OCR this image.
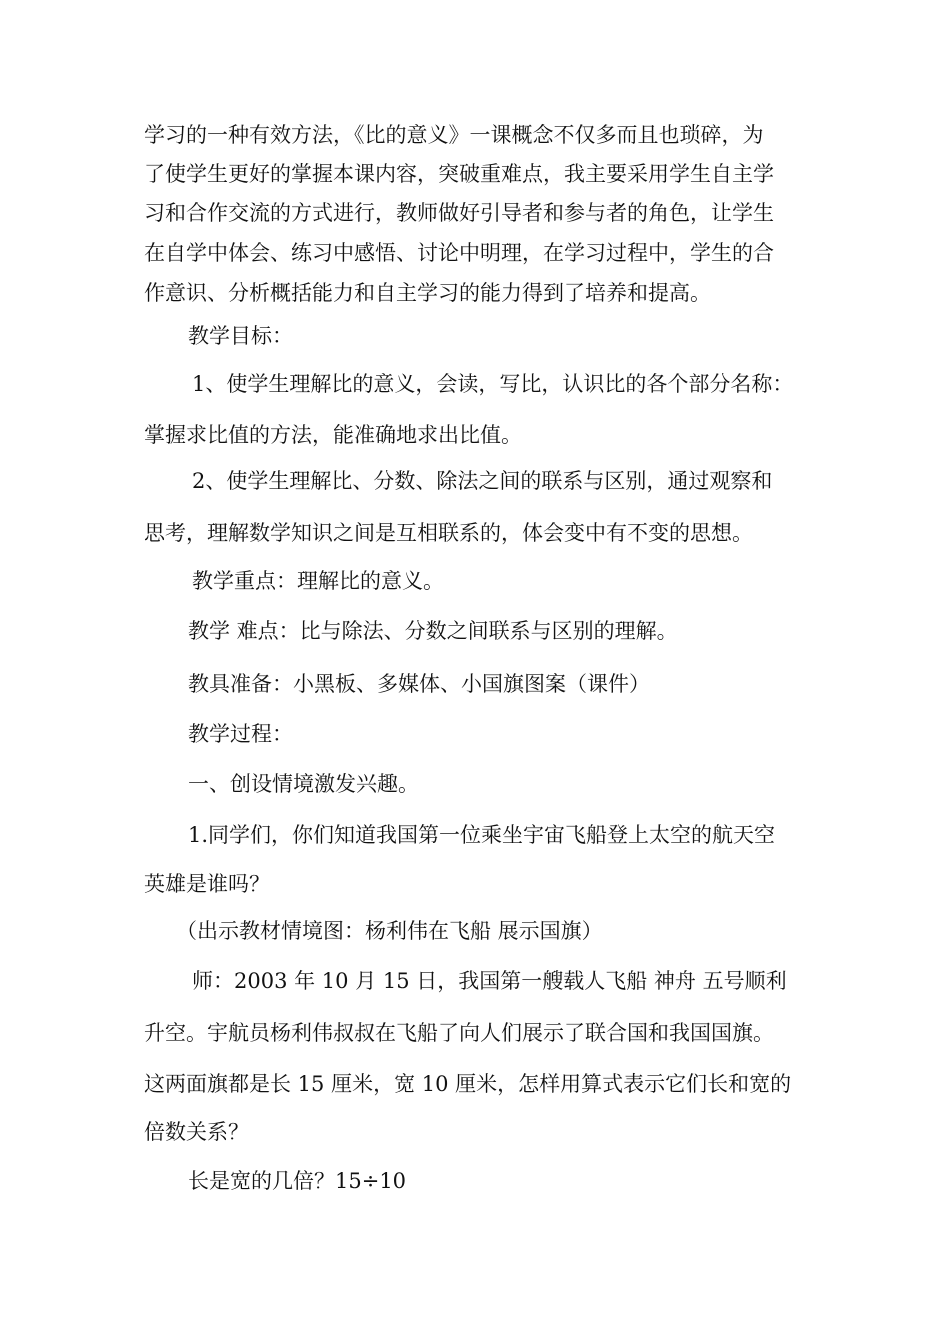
学习的一种有效方法，《比的意义》一课概念不仅多而且也琐碎，为
了使学生更好的掌握本课内容，突破重难点，我主要采用学生自主学
习和合作交流的方式进行，教师做好引导者和参与者的角色，让学生
在自学中体会、练习中感悟、讨论中明理，在学习过程中，学生的合
作意识、分析概括能力和自主学习的能力得到了培养和提高。
教学目标：
1、使学生理解比的意义，会读，写比，认识比的各个部分名称：
掌握求比值的方法，能准确地求出比值。
2、使学生理解比、分数、除法之间的联系与区别，通过观察和
思考，理解数学知识之间是互相联系的，体会变中有不变的思想。
教学重点：理解比的意义。
教学 难点：比与除法、分数之间联系与区别的理解。
教具准备：小黑板、多媒体、小国旗图案（课件）
教学过程：
一、创设情境激发兴趣。
1.同学们，你们知道我国第一位乘坐宇宙飞船登上太空的航天空
英雄是谁吗？
（出示教材情境图：杨利伟在飞船 展示国旗）
师：2003 年 10 月 15 日，我国第一艘载人飞船 神舟 五号顺利
升空。宇航员杨利伟叔叔在飞船了向人们展示了联合国和我国国旗。
这两面旗都是长 15 厘米，宽 10 厘米，怎样用算式表示它们长和宽的
倍数关系？
长是宽的几倍？15÷10
